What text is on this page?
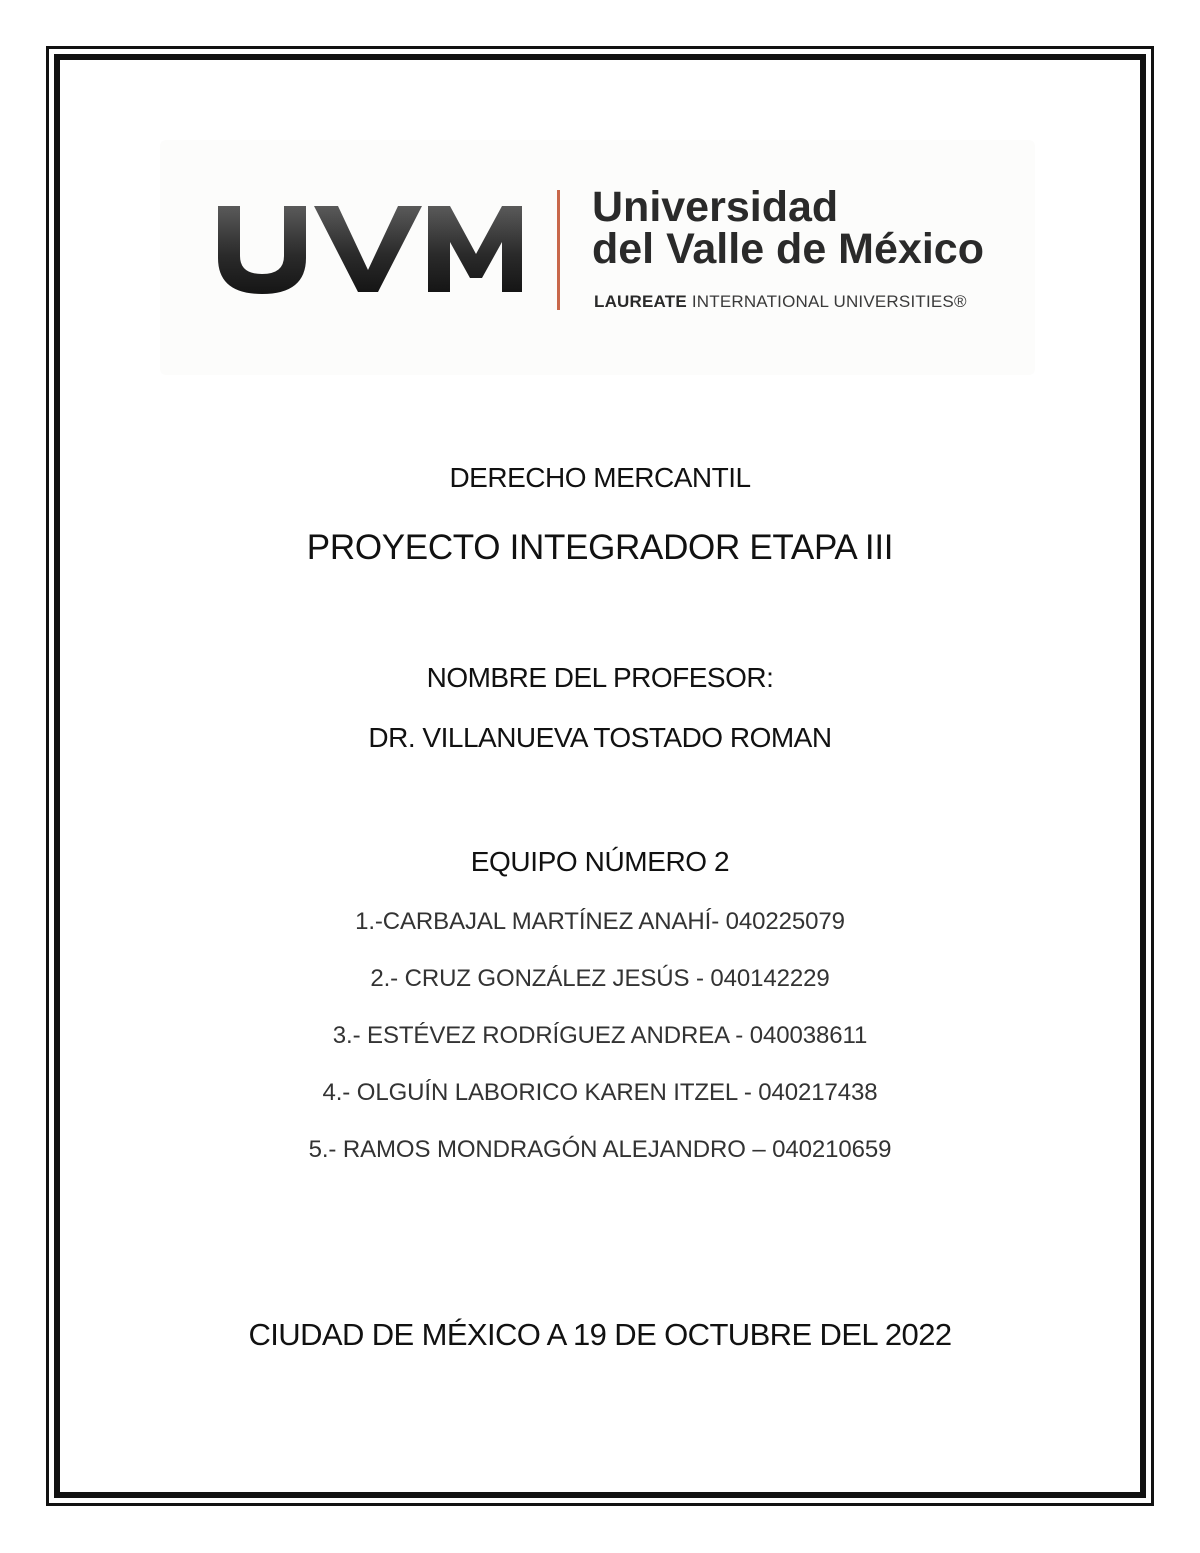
Universidad
del Valle de México
LAUREATE INTERNATIONAL UNIVERSITIES®
DERECHO MERCANTIL
PROYECTO INTEGRADOR ETAPA III
NOMBRE DEL PROFESOR:
DR. VILLANUEVA TOSTADO ROMAN
EQUIPO NÚMERO 2
1.-CARBAJAL MARTÍNEZ ANAHÍ- 040225079
2.- CRUZ GONZÁLEZ JESÚS - 040142229
3.- ESTÉVEZ RODRÍGUEZ ANDREA - 040038611
4.- OLGUÍN LABORICO KAREN ITZEL - 040217438
5.- RAMOS MONDRAGÓN ALEJANDRO – 040210659
CIUDAD DE MÉXICO A 19 DE OCTUBRE DEL 2022
